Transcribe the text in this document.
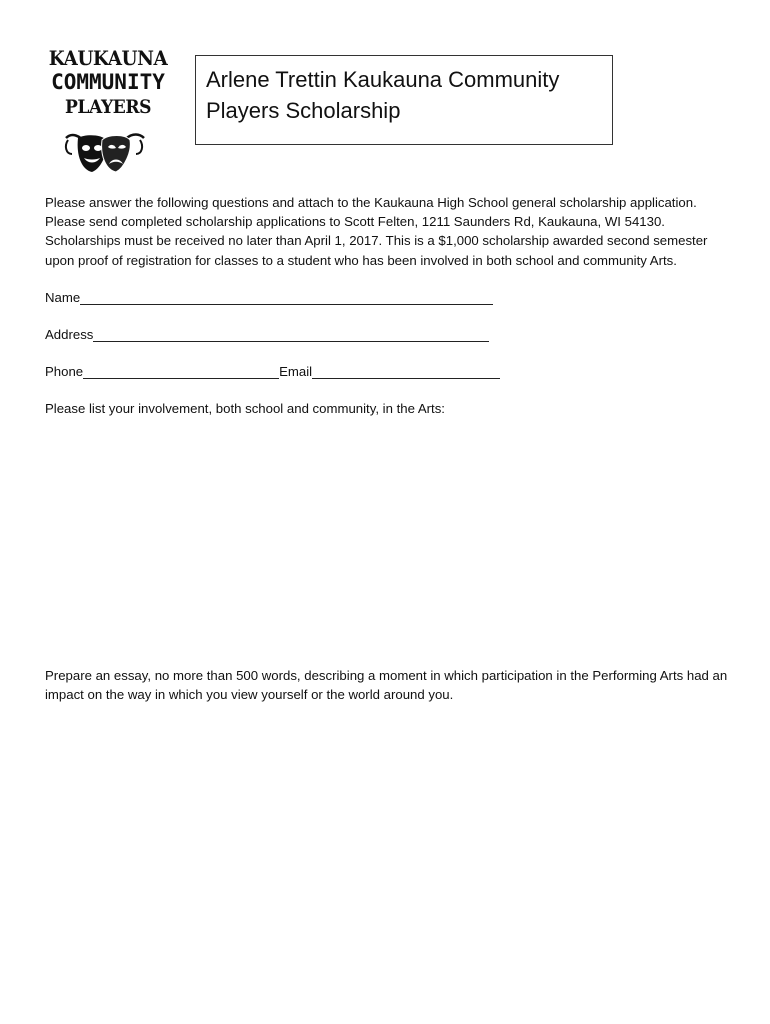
KAUKAUNA
COMMUNITY
PLAYERS
Arlene Trettin Kaukauna Community
Players Scholarship

Please answer the following questions and attach to the Kaukauna High School general scholarship application. Please send completed scholarship applications to Scott Felten, 1211 Saunders Rd, Kaukauna, WI 54130. Scholarships must be received no later than April 1, 2017. This is a $1,000 scholarship awarded second semester upon proof of registration for classes to a student who has been involved in both school and community Arts.

Name
Address
Phone	Email

Please list your involvement, both school and community, in the Arts:

Prepare an essay, no more than 500 words, describing a moment in which participation in the Performing Arts had an impact on the way in which you view yourself or the world around you.
